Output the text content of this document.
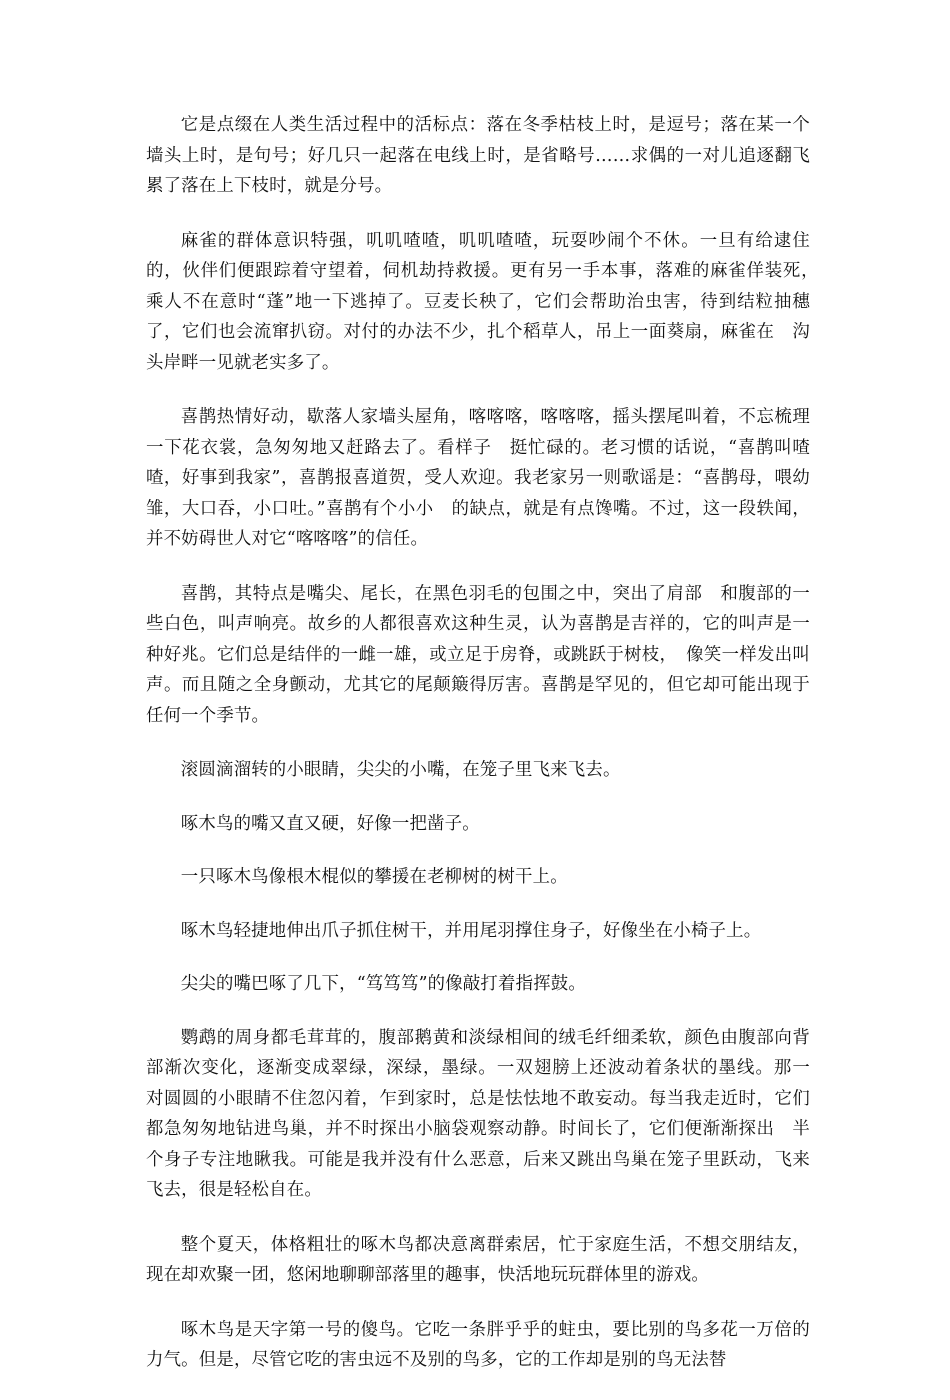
它是点缀在人类生活过程中的活标点：落在冬季枯枝上时，是逗号；落在某一个墙头上时，是句号；好几只一起落在电线上时，是省略号……求偶的一对儿追逐翻飞累了落在上下枝时，就是分号。

麻雀的群体意识特强，叽叽喳喳，叽叽喳喳，玩耍吵闹个不休。一旦有给逮住的，伙伴们便跟踪着守望着，伺机劫持救援。更有另一手本事，落难的麻雀佯装死，　乘人不在意时“蓬”地一下逃掉了。豆麦长秧了，它们会帮助治虫害，待到结粒抽穗了，它们也会流窜扒窃。对付的办法不少，扎个稻草人，吊上一面葵扇，麻雀在　沟头岸畔一见就老实多了。

喜鹊热情好动，歇落人家墙头屋角，喀喀喀，喀喀喀，摇头摆尾叫着，不忘梳理一下花衣裳，急匆匆地又赶路去了。看样子　挺忙碌的。老习惯的话说，“喜鹊叫喳喳，好事到我家”，喜鹊报喜道贺，受人欢迎。我老家另一则歌谣是：“喜鹊母，喂幼雏，大口吞，小口吐。”喜鹊有个小小　的缺点，就是有点馋嘴。不过，这一段轶闻，并不妨碍世人对它“喀喀喀”的信任。

喜鹊，其特点是嘴尖、尾长，在黑色羽毛的包围之中，突出了肩部　和腹部的一些白色，叫声响亮。故乡的人都很喜欢这种生灵，认为喜鹊是吉祥的，它的叫声是一种好兆。它们总是结伴的一雌一雄，或立足于房脊，或跳跃于树枝，　像笑一样发出叫声。而且随之全身颤动，尤其它的尾颠簸得厉害。喜鹊是罕见的，但它却可能出现于任何一个季节。

滚圆滴溜转的小眼睛，尖尖的小嘴，在笼子里飞来飞去。

啄木鸟的嘴又直又硬，好像一把凿子。

一只啄木鸟像根木棍似的攀援在老柳树的树干上。

啄木鸟轻捷地伸出爪子抓住树干，并用尾羽撑住身子，好像坐在小椅子上。

尖尖的嘴巴啄了几下，“笃笃笃”的像敲打着指挥鼓。

鹦鹉的周身都毛茸茸的，腹部鹅黄和淡绿相间的绒毛纤细柔软，颜色由腹部向背部渐次变化，逐渐变成翠绿，深绿，墨绿。一双翅膀上还波动着条状的墨线。那一　对圆圆的小眼睛不住忽闪着，乍到家时，总是怯怯地不敢妄动。每当我走近时，它们都急匆匆地钻进鸟巢，并不时探出小脑袋观察动静。时间长了，它们便渐渐探出　半个身子专注地瞅我。可能是我并没有什么恶意，后来又跳出鸟巢在笼子里跃动，飞来飞去，很是轻松自在。

整个夏天，体格粗壮的啄木鸟都决意离群索居，忙于家庭生活，不想交朋结友，现在却欢聚一团，悠闲地聊聊部落里的趣事，快活地玩玩群体里的游戏。

啄木鸟是天字第一号的傻鸟。它吃一条胖乎乎的蛀虫，要比别的鸟多花一万倍的力气。但是，尽管它吃的害虫远不及别的鸟多，它的工作却是别的鸟无法替
